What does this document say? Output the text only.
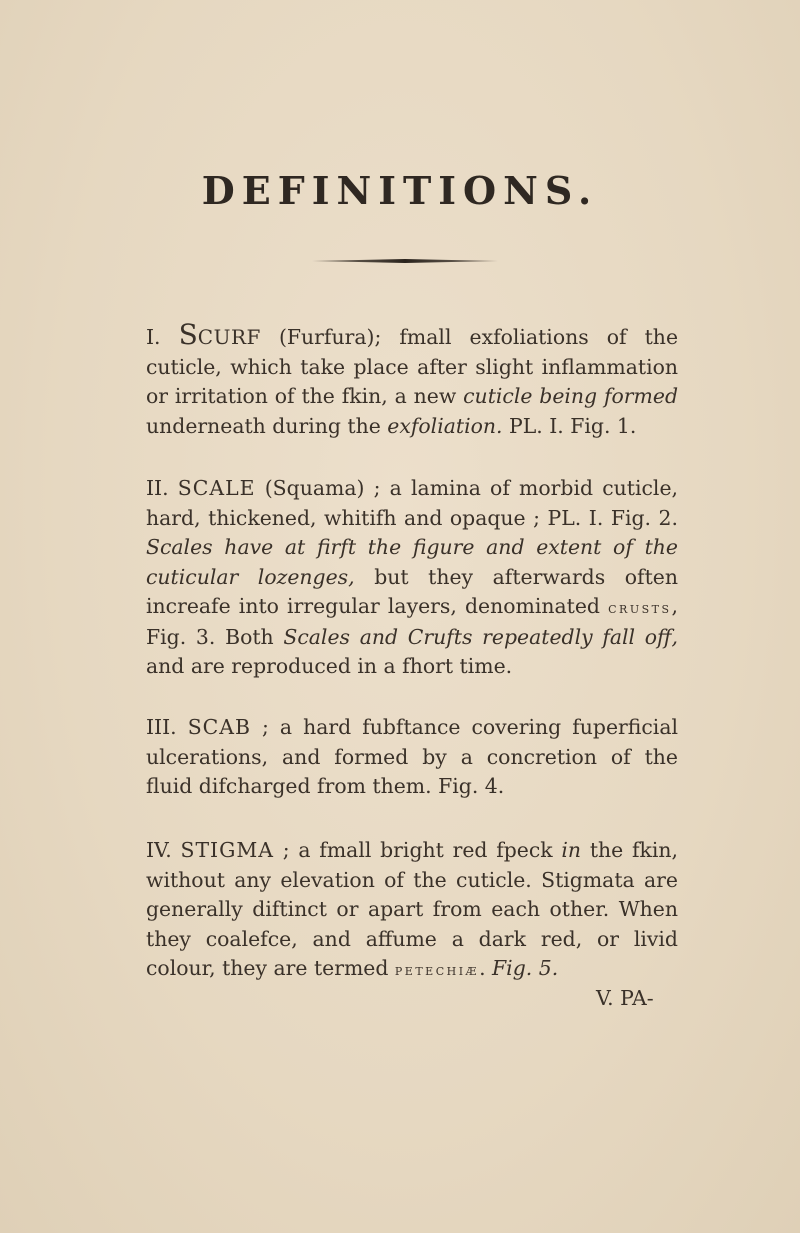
DEFINITIONS.

I. SCURF (Furfura); fmall exfoliations of the cuticle, which take place after slight inflammation or irritation of the fkin, a new cuticle being formed underneath during the exfoliation. PL. I. Fig. 1.

II. SCALE (Squama) ; a lamina of morbid cuticle, hard, thickened, whitifh and opaque ; PL. I. Fig. 2. Scales have at firft the figure and extent of the cuticular lozenges, but they afterwards often increafe into irregular layers, denominated crusts, Fig. 3. Both Scales and Crufts repeatedly fall off, and are reproduced in a fhort time.

III. SCAB ; a hard fubftance covering fuperficial ulcerations, and formed by a concretion of the fluid difcharged from them. Fig. 4.

IV. STIGMA ; a fmall bright red fpeck in the fkin, without any elevation of the cuticle. Stigmata are generally diftinct or apart from each other. When they coalefce, and affume a dark red, or livid colour, they are termed petechiæ. Fig. 5.

V. PA-
